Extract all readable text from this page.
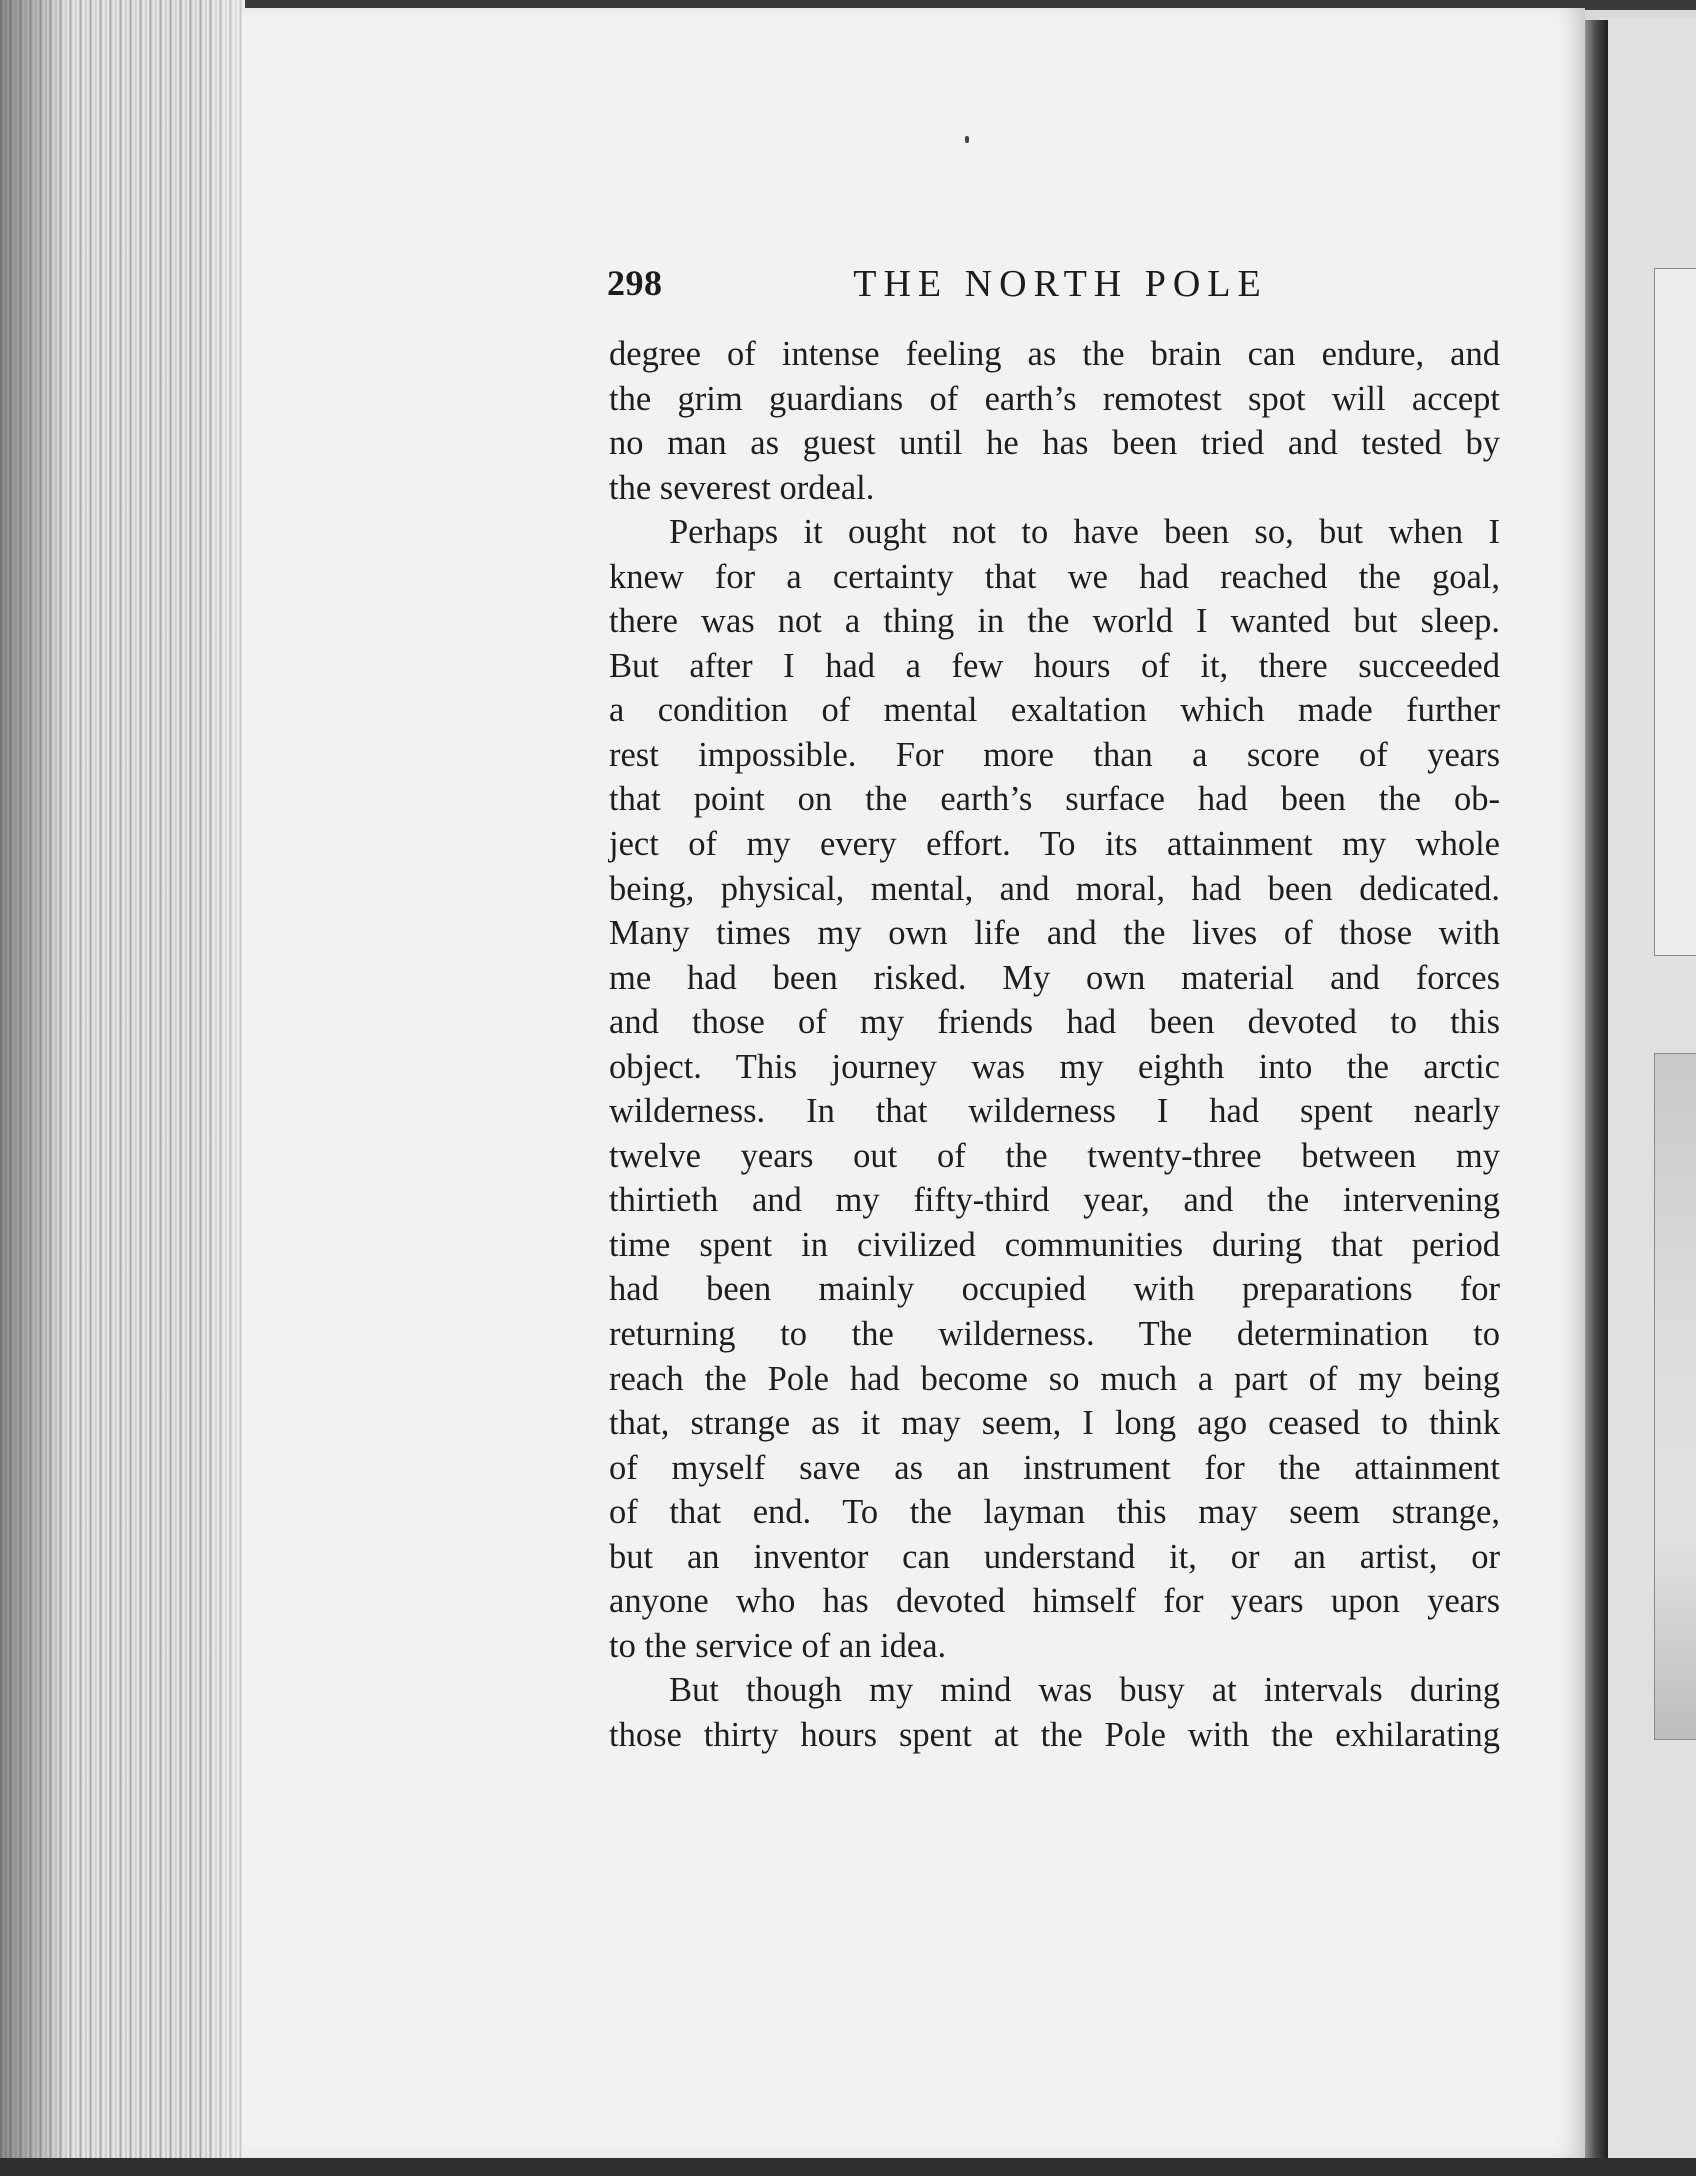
298	THE NORTH POLE
degree of intense feeling as the brain can endure, and
the grim guardians of earth’s remotest spot will accept
no man as guest until he has been tried and tested by
the severest ordeal.
Perhaps it ought not to have been so, but when I
knew for a certainty that we had reached the goal,
there was not a thing in the world I wanted but sleep.
But after I had a few hours of it, there succeeded
a condition of mental exaltation which made further
rest impossible. For more than a score of years
that point on the earth’s surface had been the ob-
ject of my every effort. To its attainment my whole
being, physical, mental, and moral, had been dedicated.
Many times my own life and the lives of those with
me had been risked. My own material and forces
and those of my friends had been devoted to this
object. This journey was my eighth into the arctic
wilderness. In that wilderness I had spent nearly
twelve years out of the twenty-three between my
thirtieth and my fifty-third year, and the intervening
time spent in civilized communities during that period
had been mainly occupied with preparations for
returning to the wilderness. The determination to
reach the Pole had become so much a part of my being
that, strange as it may seem, I long ago ceased to think
of myself save as an instrument for the attainment
of that end. To the layman this may seem strange,
but an inventor can understand it, or an artist, or
anyone who has devoted himself for years upon years
to the service of an idea.
But though my mind was busy at intervals during
those thirty hours spent at the Pole with the exhilarating
